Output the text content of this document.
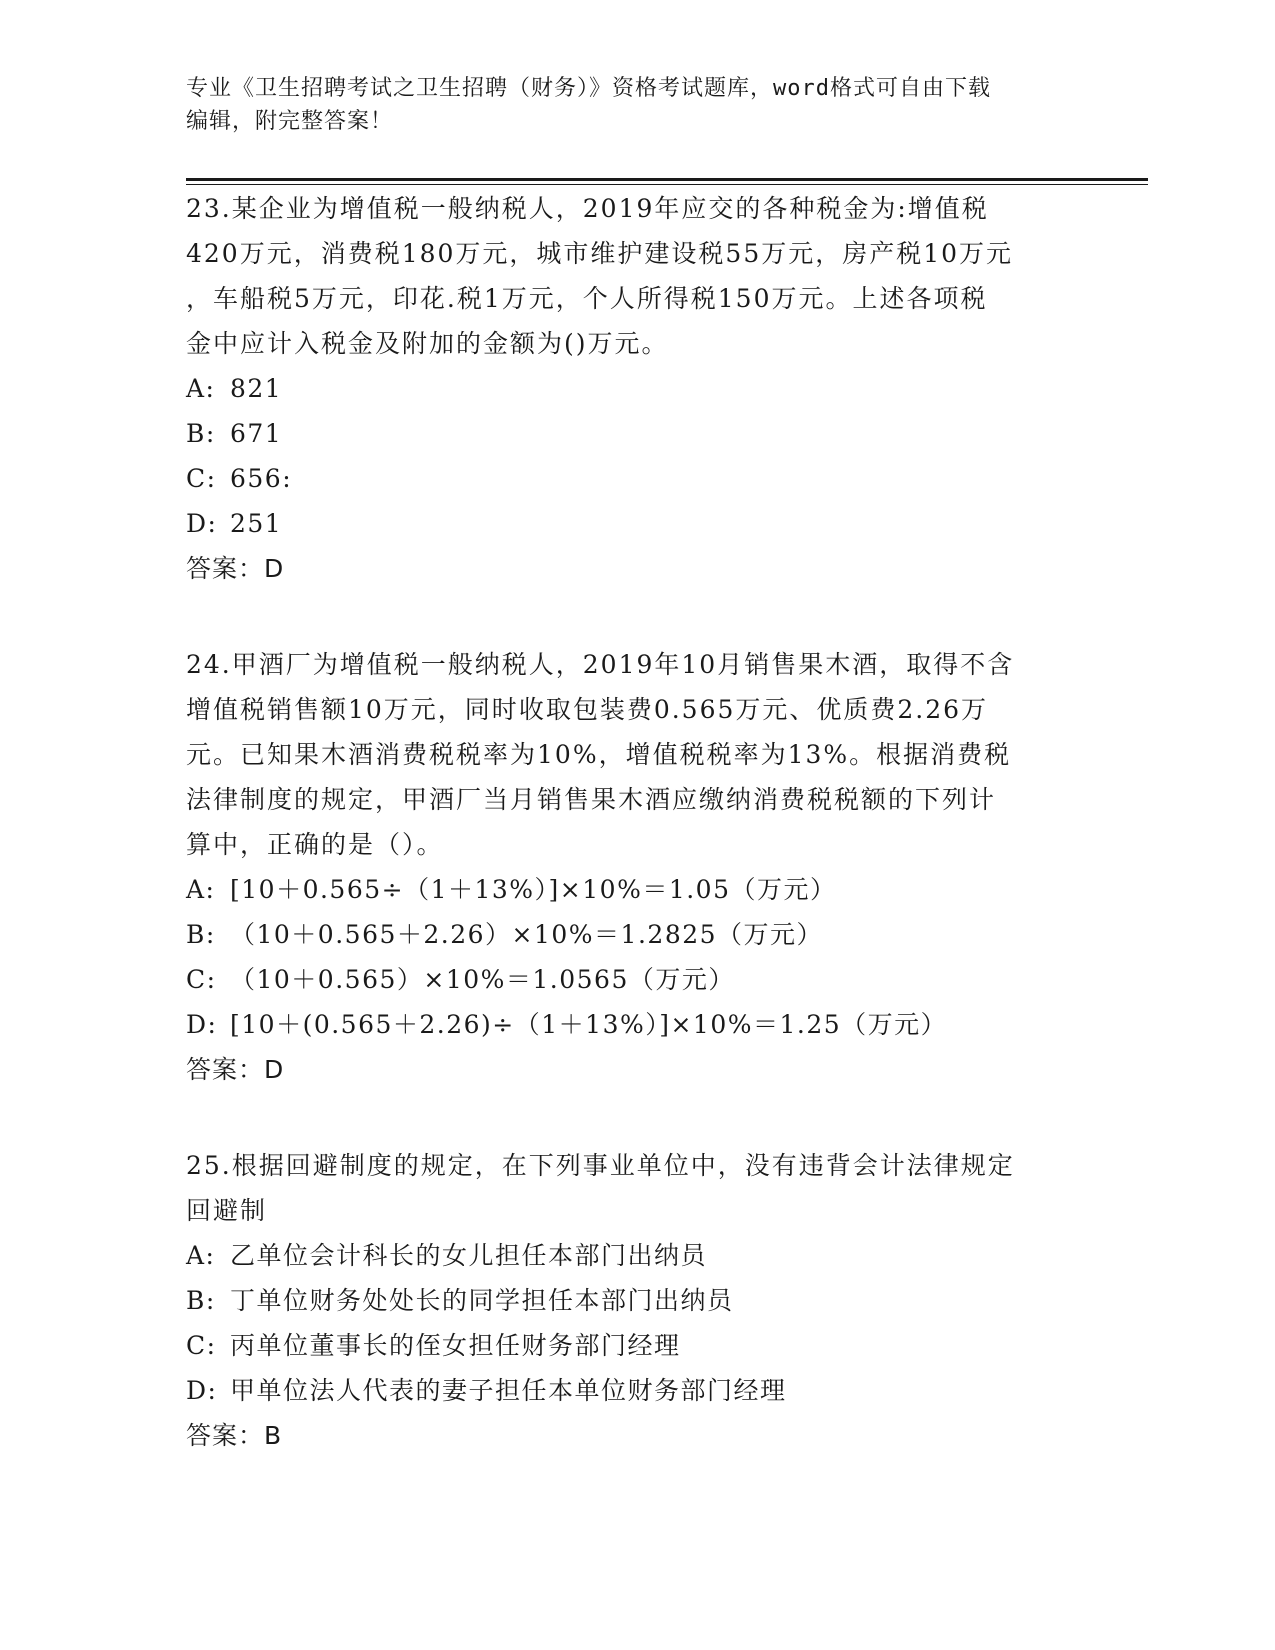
专业《卫生招聘考试之卫生招聘（财务）》资格考试题库，word格式可自由下载
编辑，附完整答案！

23.某企业为增值税一般纳税人，2019年应交的各种税金为:增值税

420万元，消费税180万元，城市维护建设税55万元，房产税10万元

，车船税5万元，印花.税1万元，个人所得税150万元。上述各项税

金中应计入税金及附加的金额为()万元。

A: 821

B: 671

C: 656:

D: 251

答案：D

24.甲酒厂为增值税一般纳税人，2019年10月销售果木酒，取得不含

增值税销售额10万元，同时收取包装费0.565万元、优质费2.26万

元。已知果木酒消费税税率为10%，增值税税率为13%。根据消费税

法律制度的规定，甲酒厂当月销售果木酒应缴纳消费税税额的下列计

算中，正确的是（）。

A: [10＋0.565÷（1＋13%）]×10%＝1.05（万元）

B: （10＋0.565＋2.26）×10%＝1.2825（万元）

C: （10＋0.565）×10%＝1.0565（万元）

D: [10＋(0.565＋2.26)÷（1＋13%）]×10%＝1.25（万元）

答案：D

25.根据回避制度的规定，在下列事业单位中，没有违背会计法律规定

回避制

A: 乙单位会计科长的女儿担任本部门出纳员

B: 丁单位财务处处长的同学担任本部门出纳员

C: 丙单位董事长的侄女担任财务部门经理

D: 甲单位法人代表的妻子担任本单位财务部门经理

答案：B
